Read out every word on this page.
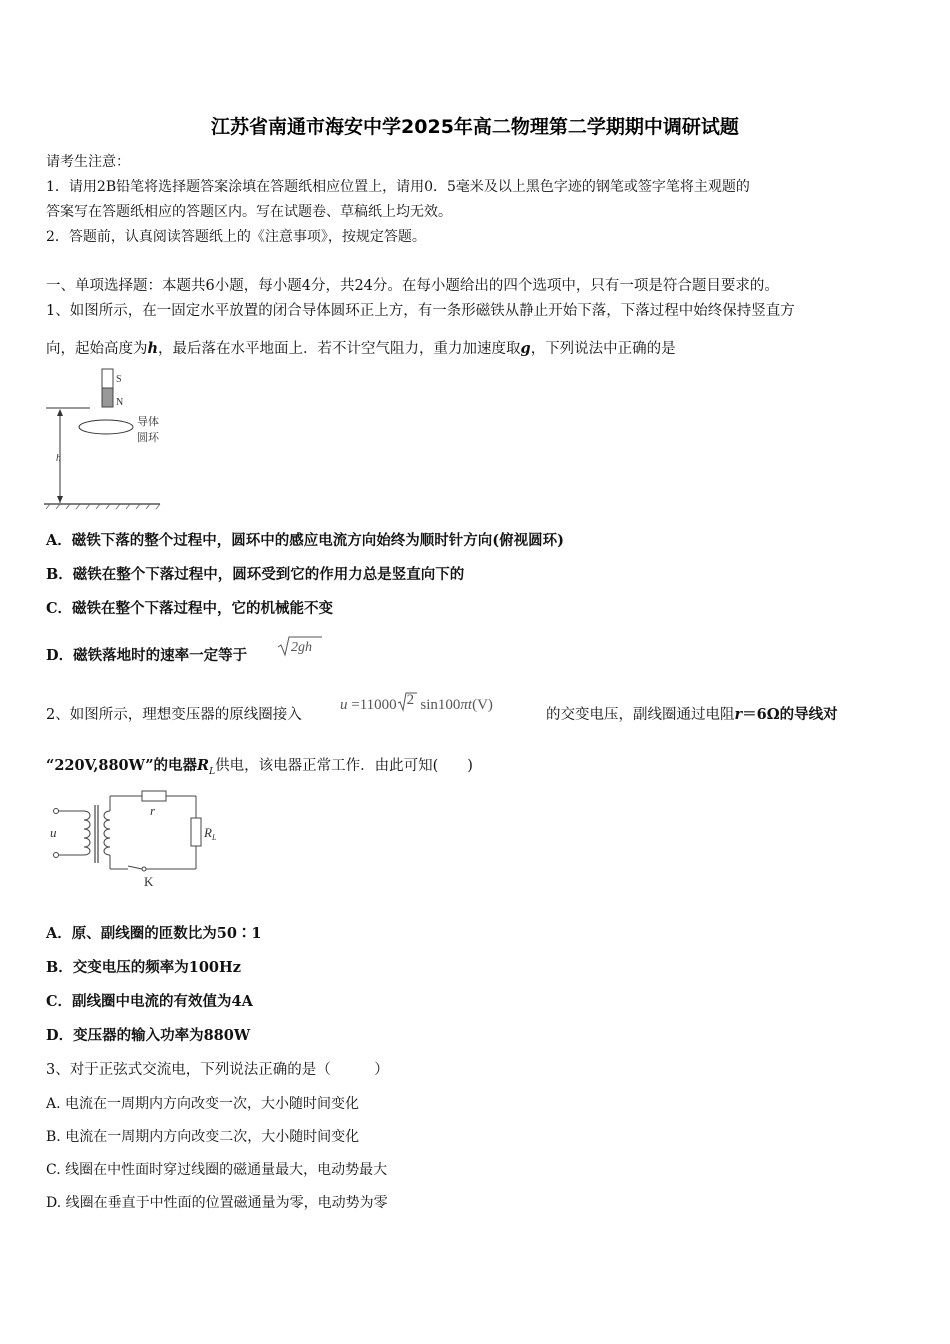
江苏省南通市海安中学2025年高二物理第二学期期中调研试题
请考生注意：
1．请用2B铅笔将选择题答案涂填在答题纸相应位置上，请用0．5毫米及以上黑色字迹的钢笔或签字笔将主观题的
答案写在答题纸相应的答题区内。写在试题卷、草稿纸上均无效。
2．答题前，认真阅读答题纸上的《注意事项》，按规定答题。
一、单项选择题：本题共6小题，每小题4分，共24分。在每小题给出的四个选项中，只有一项是符合题目要求的。
1、如图所示，在一固定水平放置的闭合导体圆环正上方，有一条形磁铁从静止开始下落，下落过程中始终保持竖直方
向，起始高度为h，最后落在水平地面上．若不计空气阻力，重力加速度取g，下列说法中正确的是
S
N
h
导体
圆环
A．磁铁下落的整个过程中，圆环中的感应电流方向始终为顺时针方向(俯视圆环)
B．磁铁在整个下落过程中，圆环受到它的作用力总是竖直向下的
C．磁铁在整个下落过程中，它的机械能不变
D．磁铁落地时的速率一定等于	2gh
2、如图所示，理想变压器的原线圈接入
u =11000 2 sin100πt(V)
的交变电压，副线圈通过电阻r＝6Ω的导线对
“220V,880W”的电器$R_L$供电，该电器正常工作．由此可知(　　)
u
r
$R_L$
K
A．原、副线圈的匝数比为50∶1
B．交变电压的频率为100Hz
C．副线圈中电流的有效值为4A
D．变压器的输入功率为880W
3、对于正弦式交流电，下列说法正确的是（　　　）
A. 电流在一周期内方向改变一次，大小随时间变化
B. 电流在一周期内方向改变二次，大小随时间变化
C. 线圈在中性面时穿过线圈的磁通量最大，电动势最大
D. 线圈在垂直于中性面的位置磁通量为零，电动势为零
